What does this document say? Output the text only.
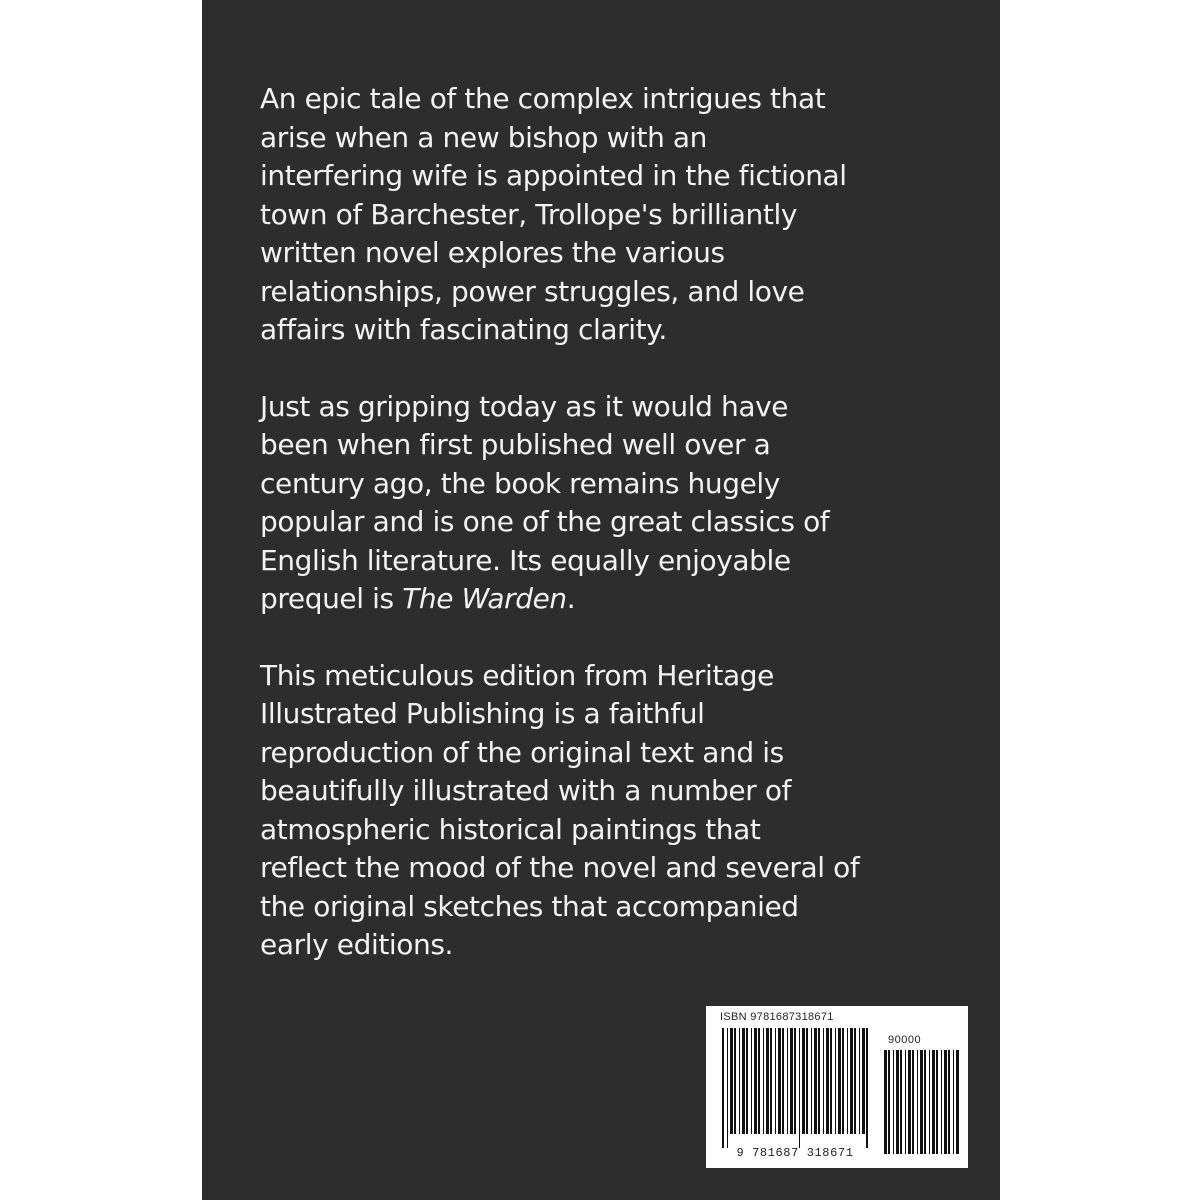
An epic tale of the complex intrigues that
arise when a new bishop with an
interfering wife is appointed in the fictional
town of Barchester, Trollope's brilliantly
written novel explores the various
relationships, power struggles, and love
affairs with fascinating clarity.

Just as gripping today as it would have
been when first published well over a
century ago, the book remains hugely
popular and is one of the great classics of
English literature. Its equally enjoyable
prequel is The Warden.

This meticulous edition from Heritage
Illustrated Publishing is a faithful
reproduction of the original text and is
beautifully illustrated with a number of
atmospheric historical paintings that
reflect the mood of the novel and several of
the original sketches that accompanied
early editions.

ISBN 9781687318671
90000
9 781687 318671
